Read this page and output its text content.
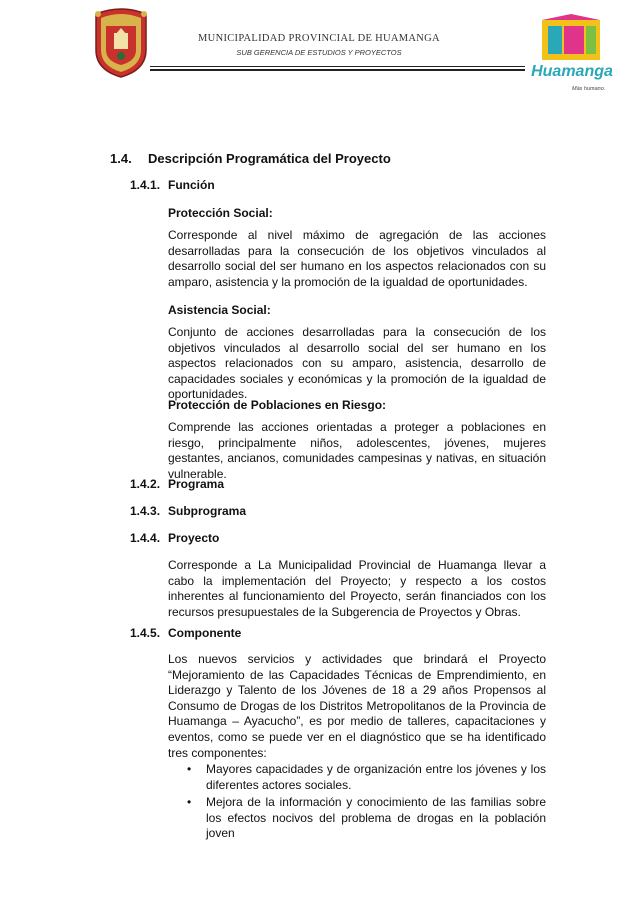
MUNICIPALIDAD PROVINCIAL DE HUAMANGA
SUB GERENCIA DE ESTUDIOS Y PROYECTOS
Huamanga
Más humano.
1.4. Descripción Programática del Proyecto
1.4.1. Función
Protección Social:
Corresponde al nivel máximo de agregación de las acciones desarrolladas para la consecución de los objetivos vinculados al desarrollo social del ser humano en los aspectos relacionados con su amparo, asistencia y la promoción de la igualdad de oportunidades.
Asistencia Social:
Conjunto de acciones desarrolladas para la consecución de los objetivos vinculados al desarrollo social del ser humano en los aspectos relacionados con su amparo, asistencia, desarrollo de capacidades sociales y económicas y la promoción de la igualdad de oportunidades.
Protección de Poblaciones en Riesgo:
Comprende las acciones orientadas a proteger a poblaciones en riesgo, principalmente niños, adolescentes, jóvenes, mujeres gestantes, ancianos, comunidades campesinas y nativas, en situación vulnerable.
1.4.2. Programa
1.4.3. Subprograma
1.4.4. Proyecto
Corresponde a La Municipalidad Provincial de Huamanga llevar a cabo la implementación del Proyecto; y respecto a los costos inherentes al funcionamiento del Proyecto, serán financiados con los recursos presupuestales de la Subgerencia de Proyectos y Obras.
1.4.5. Componente
Los nuevos servicios y actividades que brindará el Proyecto “Mejoramiento de las Capacidades Técnicas de Emprendimiento, en Liderazgo y Talento de los Jóvenes de 18 a 29 años Propensos al Consumo de Drogas de los Distritos Metropolitanos de la Provincia de Huamanga – Ayacucho”, es por medio de talleres, capacitaciones y eventos, como se puede ver en el diagnóstico que se ha identificado tres componentes:
• Mayores capacidades y de organización entre los jóvenes y los diferentes actores sociales.
• Mejora de la información y conocimiento de las familias sobre los efectos nocivos del problema de drogas en la población joven
